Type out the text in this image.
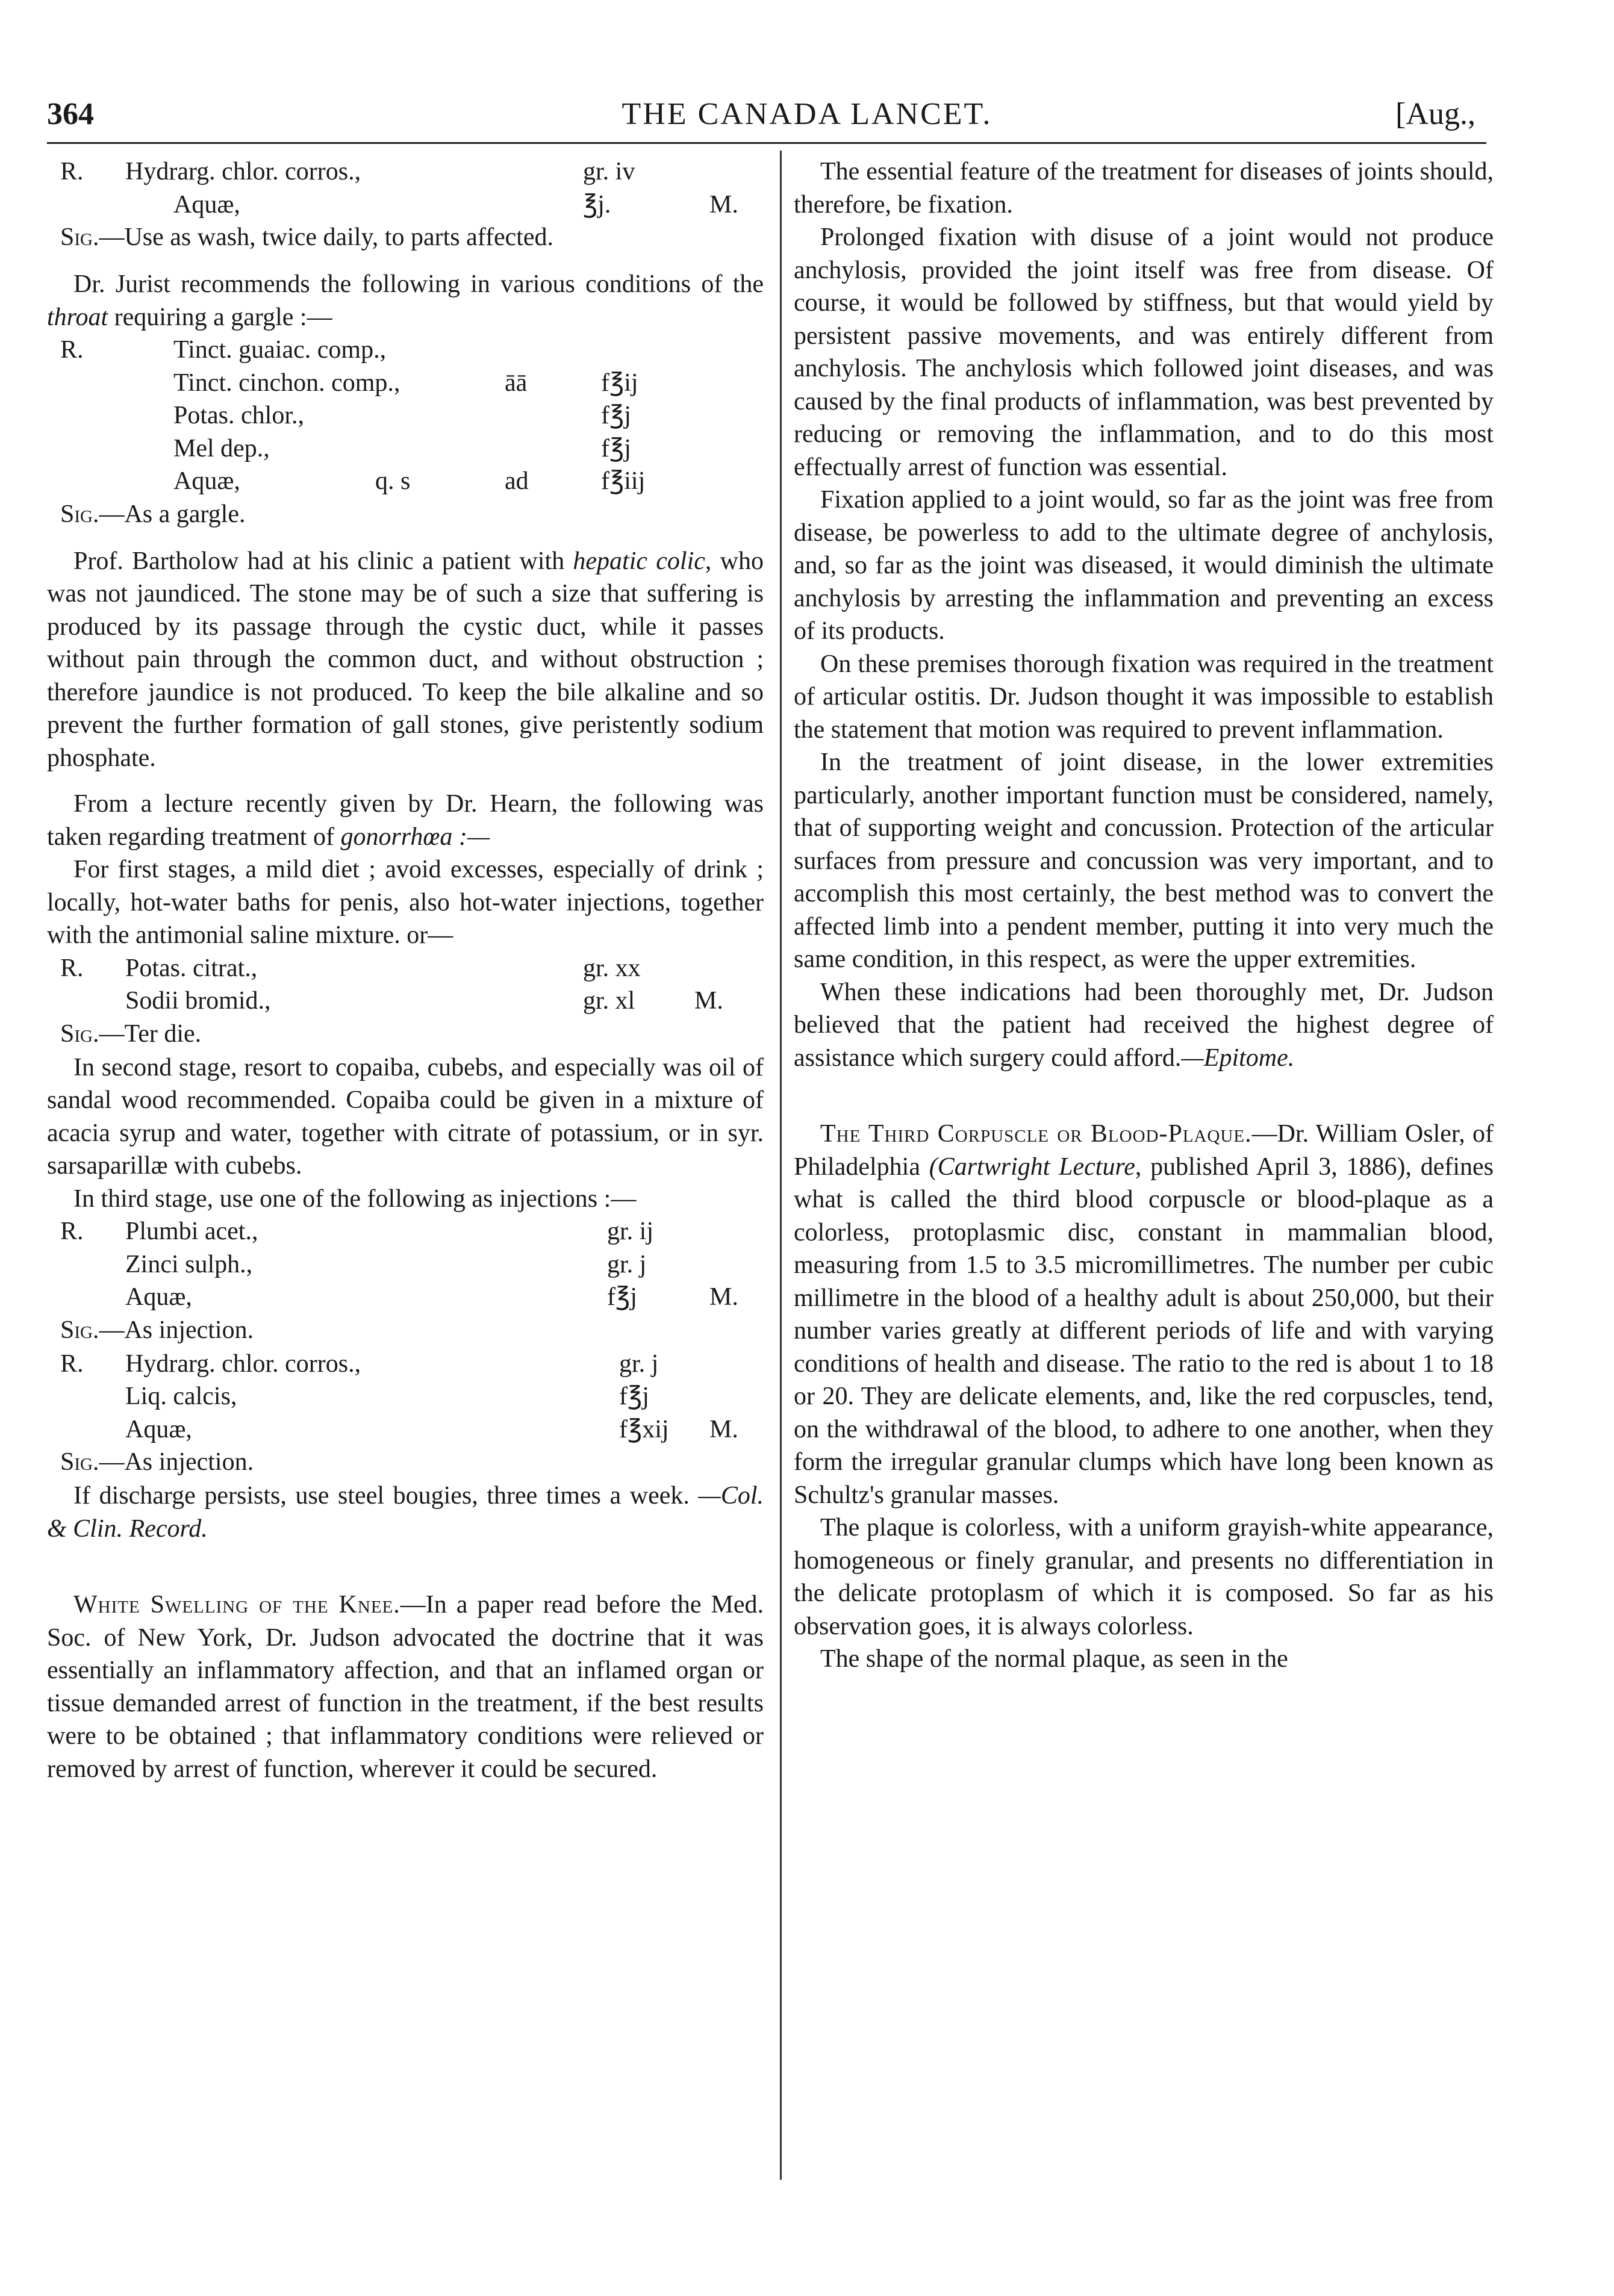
364	THE CANADA LANCET.	[Aug.,
R. Hydrarg. chlor. corros.,	gr. iv
Aquæ,	℥j.	M.
Sig.—Use as wash, twice daily, to parts affected.

Dr. Jurist recommends the following in various conditions of the throat requiring a gargle :—

R.	Tinct. guaiac. comp.,
Tinct. cinchon. comp.,	āā	f℥ij
Potas. chlor.,	f℥j
Mel dep.,	f℥j
Aquæ,	q. s	ad	f℥iij
Sig.—As a gargle.

Prof. Bartholow had at his clinic a patient with hepatic colic, who was not jaundiced. The stone may be of such a size that suffering is produced by its passage through the cystic duct, while it passes without pain through the common duct, and without obstruction ; therefore jaundice is not produced. To keep the bile alkaline and so prevent the further formation of gall stones, give peristently sodium phosphate.

From a lecture recently given by Dr. Hearn, the following was taken regarding treatment of gonorrhœa :—

For first stages, a mild diet ; avoid excesses, especially of drink ; locally, hot-water baths for penis, also hot-water injections, together with the antimonial saline mixture. or—

R. Potas. citrat.,	gr. xx
Sodii bromid.,	gr. xl M.
Sig.—Ter die.

In second stage, resort to copaiba, cubebs, and especially was oil of sandal wood recommended. Copaiba could be given in a mixture of acacia syrup and water, together with citrate of potassium, or in syr. sarsaparillæ with cubebs.

In third stage, use one of the following as injections :—

R. Plumbi acet.,	gr. ij
Zinci sulph.,	gr. j
Aquæ,	f℥j	M.
Sig.—As injection.
R. Hydrarg. chlor. corros.,	gr. j
Liq. calcis,	f℥j
Aquæ,	f℥xij M.
Sig.—As injection.

If discharge persists, use steel bougies, three times a week. —Col. & Clin. Record.

White Swelling of the Knee.—In a paper read before the Med. Soc. of New York, Dr. Judson advocated the doctrine that it was essentially an inflammatory affection, and that an inflamed organ or tissue demanded arrest of function in the treatment, if the best results were to be obtained ; that inflammatory conditions were relieved or removed by arrest of function, wherever it could be secured.

The essential feature of the treatment for diseases of joints should, therefore, be fixation.

Prolonged fixation with disuse of a joint would not produce anchylosis, provided the joint itself was free from disease. Of course, it would be followed by stiffness, but that would yield by persistent passive movements, and was entirely different from anchylosis. The anchylosis which followed joint diseases, and was caused by the final products of inflammation, was best prevented by reducing or removing the inflammation, and to do this most effectually arrest of function was essential.

Fixation applied to a joint would, so far as the joint was free from disease, be powerless to add to the ultimate degree of anchylosis, and, so far as the joint was diseased, it would diminish the ultimate anchylosis by arresting the inflammation and preventing an excess of its products.

On these premises thorough fixation was required in the treatment of articular ostitis. Dr. Judson thought it was impossible to establish the statement that motion was required to prevent inflammation.

In the treatment of joint disease, in the lower extremities particularly, another important function must be considered, namely, that of supporting weight and concussion. Protection of the articular surfaces from pressure and concussion was very important, and to accomplish this most certainly, the best method was to convert the affected limb into a pendent member, putting it into very much the same condition, in this respect, as were the upper extremities.

When these indications had been thoroughly met, Dr. Judson believed that the patient had received the highest degree of assistance which surgery could afford.—Epitome.

The Third Corpuscle or Blood-Plaque.—Dr. William Osler, of Philadelphia (Cartwright Lecture, published April 3, 1886), defines what is called the third blood corpuscle or blood-plaque as a colorless, protoplasmic disc, constant in mammalian blood, measuring from 1.5 to 3.5 micromillimetres. The number per cubic millimetre in the blood of a healthy adult is about 250,000, but their number varies greatly at different periods of life and with varying conditions of health and disease. The ratio to the red is about 1 to 18 or 20. They are delicate elements, and, like the red corpuscles, tend, on the withdrawal of the blood, to adhere to one another, when they form the irregular granular clumps which have long been known as Schultz's granular masses.

The plaque is colorless, with a uniform grayish-white appearance, homogeneous or finely granular, and presents no differentiation in the delicate protoplasm of which it is composed. So far as his observation goes, it is always colorless.

The shape of the normal plaque, as seen in the
